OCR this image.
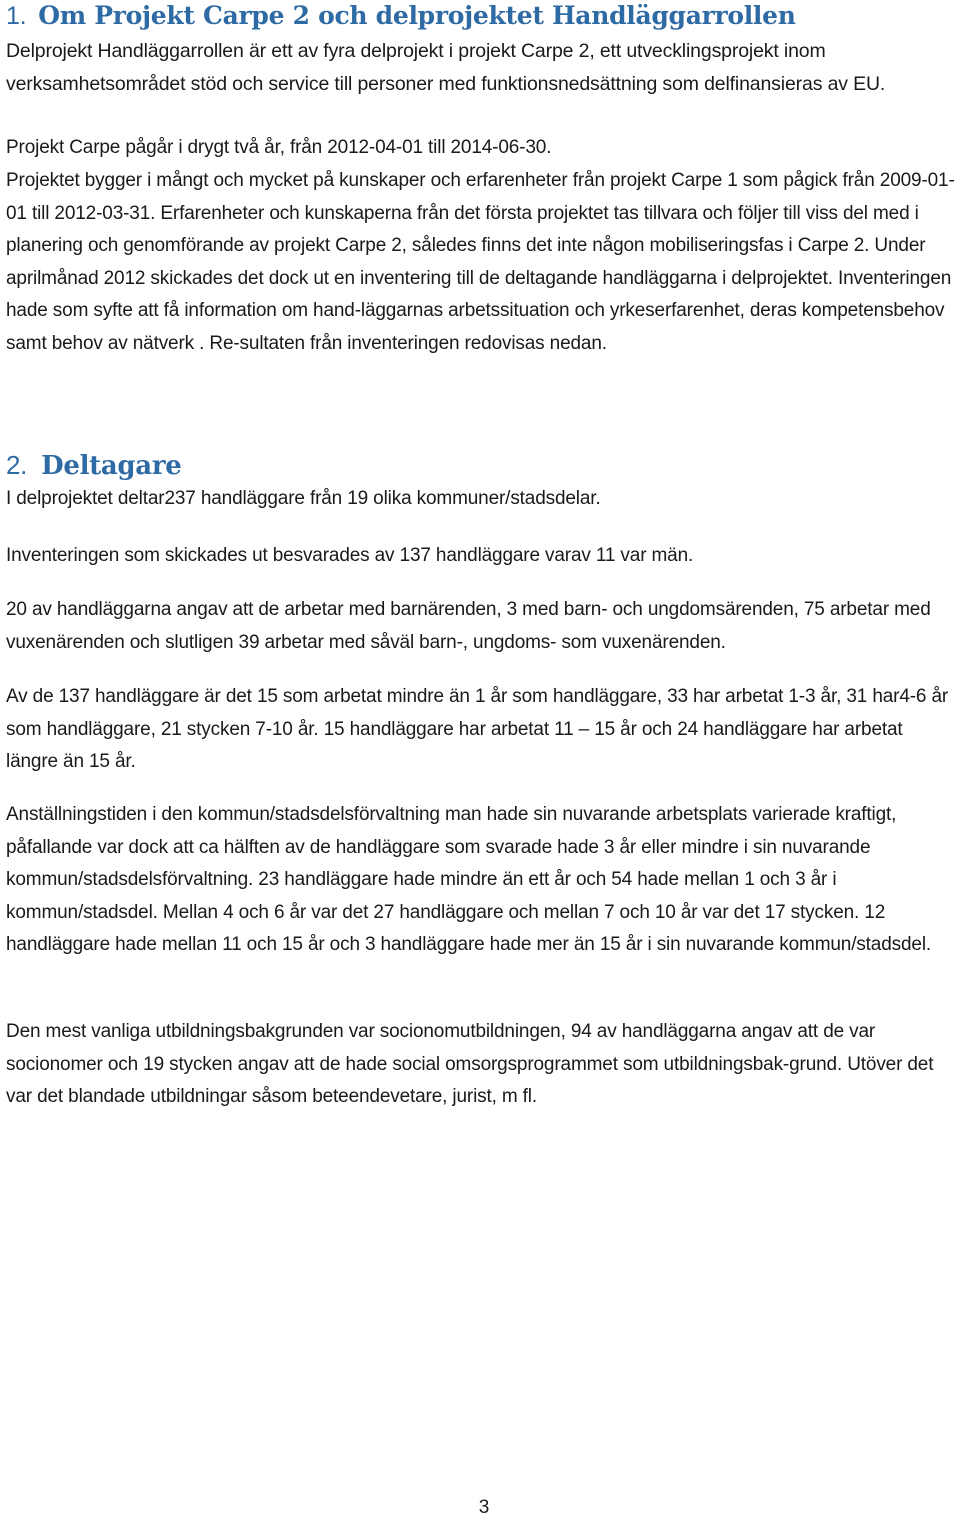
1. Om Projekt Carpe 2 och delprojektet Handläggarrollen

Delprojekt Handläggarrollen är ett av fyra delprojekt i projekt Carpe 2, ett utvecklingsprojekt inom verksamhetsområdet stöd och service till personer med funktionsnedsättning som delfinansieras av EU.

Projekt Carpe pågår i drygt två år, från 2012-04-01 till 2014-06-30.

Projektet bygger i mångt och mycket på kunskaper och erfarenheter från projekt Carpe 1 som pågick från 2009-01-01 till 2012-03-31. Erfarenheter och kunskaperna från det första projektet tas tillvara och följer till viss del med i planering och genomförande av projekt Carpe 2, således finns det inte någon mobiliseringsfas i Carpe 2. Under aprilmånad 2012 skickades det dock ut en inventering till de deltagande handläggarna i delprojektet. Inventeringen hade som syfte att få information om hand-läggarnas arbetssituation och yrkeserfarenhet, deras kompetensbehov samt behov av nätverk . Re-sultaten från inventeringen redovisas nedan.

2. Deltagare

I delprojektet deltar237 handläggare från 19 olika kommuner/stadsdelar.

Inventeringen som skickades ut besvarades av 137 handläggare varav 11 var män.

20 av handläggarna angav att de arbetar med barnärenden, 3 med barn- och ungdomsärenden, 75 arbetar med vuxenärenden och slutligen 39 arbetar med såväl barn-, ungdoms- som vuxenärenden.

Av de 137 handläggare är det 15 som arbetat mindre än 1 år som handläggare, 33 har arbetat 1-3 år, 31 har4-6 år som handläggare, 21 stycken 7-10 år. 15 handläggare har arbetat 11 – 15 år och 24 handläggare har arbetat längre än 15 år.

Anställningstiden i den kommun/stadsdelsförvaltning man hade sin nuvarande arbetsplats varierade kraftigt, påfallande var dock att ca hälften av de handläggare som svarade hade 3 år eller mindre i sin nuvarande kommun/stadsdelsförvaltning. 23 handläggare hade mindre än ett år och 54 hade mellan 1 och 3 år i kommun/stadsdel. Mellan 4 och 6 år var det 27 handläggare och mellan 7 och 10 år var det 17 stycken. 12 handläggare hade mellan 11 och 15 år och 3 handläggare hade mer än 15 år i sin nuvarande kommun/stadsdel.

Den mest vanliga utbildningsbakgrunden var socionomutbildningen, 94 av handläggarna angav att de var socionomer och 19 stycken angav att de hade social omsorgsprogrammet som utbildningsbak-grund. Utöver det var det blandade utbildningar såsom beteendevetare, jurist, m fl.

3
